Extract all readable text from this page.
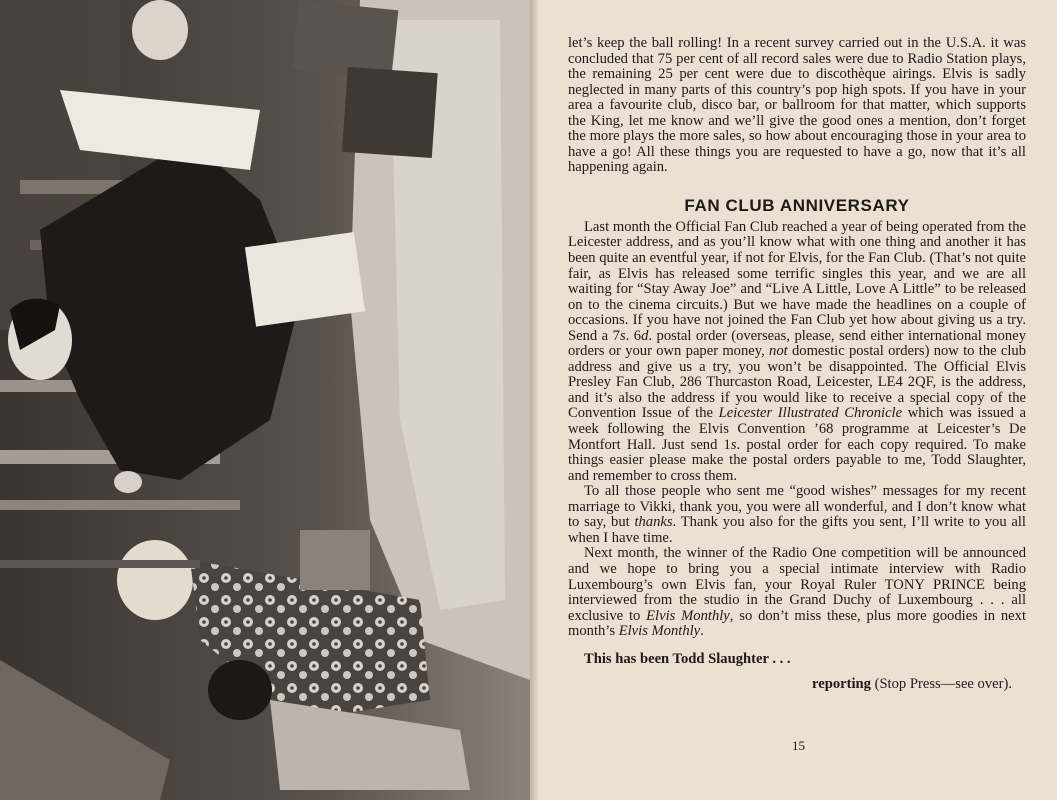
let’s keep the ball rolling! In a recent survey carried out in the U.S.A. it was concluded that 75 per cent of all record sales were due to Radio Station plays, the remaining 25 per cent were due to discothèque airings. Elvis is sadly neglected in many parts of this country’s pop high spots. If you have in your area a favourite club, disco bar, or ballroom for that matter, which supports the King, let me know and we’ll give the good ones a mention, don’t forget the more plays the more sales, so how about encouraging those in your area to have a go! All these things you are requested to have a go, now that it’s all happening again.

FAN CLUB ANNIVERSARY

Last month the Official Fan Club reached a year of being operated from the Leicester address, and as you’ll know what with one thing and another it has been quite an eventful year, if not for Elvis, for the Fan Club. (That’s not quite fair, as Elvis has released some terrific singles this year, and we are all waiting for “Stay Away Joe” and “Live A Little, Love A Little” to be released on to the cinema circuits.) But we have made the headlines on a couple of occasions. If you have not joined the Fan Club yet how about giving us a try. Send a 7s. 6d. postal order (overseas, please, send either international money orders or your own paper money, not domestic postal orders) now to the club address and give us a try, you won’t be disappointed. The Official Elvis Presley Fan Club, 286 Thurcaston Road, Leicester, LE4 2QF, is the address, and it’s also the address if you would like to receive a special copy of the Convention Issue of the Leicester Illustrated Chronicle which was issued a week following the Elvis Convention ’68 programme at Leicester’s De Montfort Hall. Just send 1s. postal order for each copy required. To make things easier please make the postal orders payable to me, Todd Slaughter, and remember to cross them.

To all those people who sent me “good wishes” messages for my recent marriage to Vikki, thank you, you were all wonderful, and I don’t know what to say, but thanks. Thank you also for the gifts you sent, I’ll write to you all when I have time.

Next month, the winner of the Radio One competition will be announced and we hope to bring you a special intimate interview with Radio Luxembourg’s own Elvis fan, your Royal Ruler TONY PRINCE being interviewed from the studio in the Grand Duchy of Luxembourg . . . all exclusive to Elvis Monthly, so don’t miss these, plus more goodies in next month’s Elvis Monthly.

This has been Todd Slaughter . . .

reporting (Stop Press—see over).

15
